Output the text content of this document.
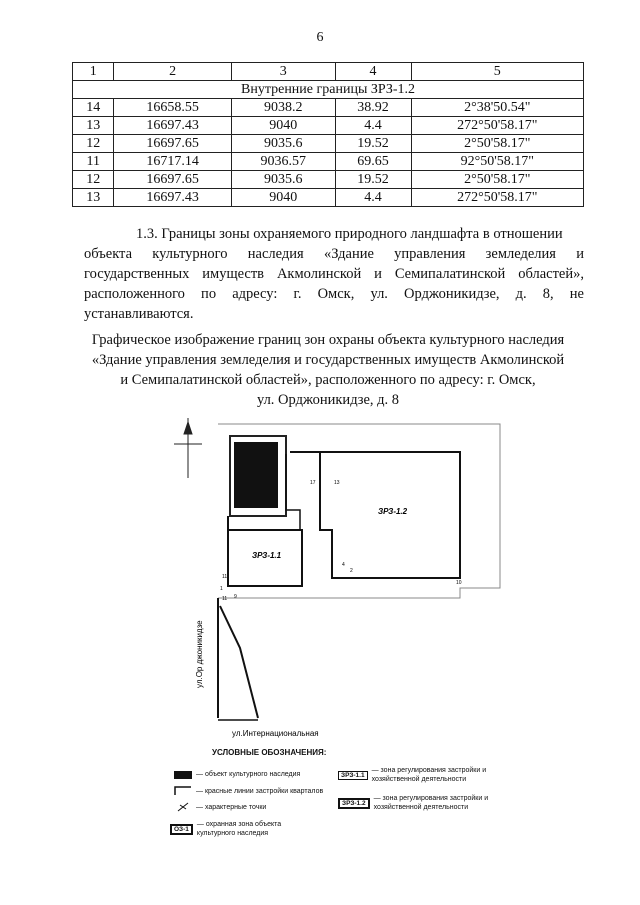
6
1	2	3	4	5
Внутренние границы ЗРЗ-1.2				
14	16658.55	9038.2	38.92	2°38'50.54"
13	16697.43	9040	4.4	272°50'58.17"
12	16697.65	9035.6	19.52	2°50'58.17"
11	16717.14	9036.57	69.65	92°50'58.17"
12	16697.65	9035.6	19.52	2°50'58.17"
13	16697.43	9040	4.4	272°50'58.17"
1.3. Границы зоны охраняемого природного ландшафта в отношении
объекта культурного наследия «Здание управления земледелия и государственных имуществ Акмолинской и Семипалатинской областей», расположенного по адресу: г. Омск, ул. Орджоникидзе, д. 8, не устанавливаются.
Графическое изображение границ зон охраны объекта культурного наследия
«Здание управления земледелия и государственных имуществ Акмолинской
и Семипалатинской областей», расположенного по адресу: г. Омск,
ул. Орджоникидзе, д. 8
ЗРЗ-1.2
ЗРЗ-1.1
17	13
11
1
4
2
10
11 9
ул.Ор джоникидзе
ул.Интернациональная
УСЛОВНЫЕ ОБОЗНАЧЕНИЯ:
— объект культурного наследия
— красные линии застройки кварталов
— характерные точки
ОЗ-1
— охранная зона объекта культурного наследия
ЗРЗ-1.1
— зона регулирования застройки и хозяйственной деятельности
ЗРЗ-1.2
— зона регулирования застройки и хозяйственной деятельности
